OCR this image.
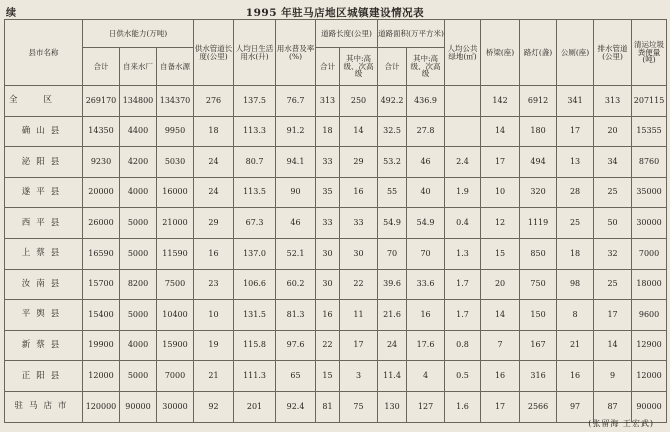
续	1995 年驻马店地区城镇建设情况表
县市名称	日供水能力(万吨)			供水管道长度(公里)	人均日生活用水(升)	用水普及率(%)	道路长度(公里)		道路面积(万平方米)		人均公共绿地(㎡)	桥梁(座)	路灯(盏)	公厕(座)	排水管道(公里)	清运垃圾粪便量(吨)
	合计	自来水厂	自备水源				合计	其中:高级、次高级	合计	其中:高级、次高级						
全区	269170	134800	134370	276	137.5	76.7	313	250	492.2	436.9		142	6912	341	313	207115
确山县	14350	4400	9950	18	113.3	91.2	18	14	32.5	27.8		14	180	17	20	15355
泌阳县	9230	4200	5030	24	80.7	94.1	33	29	53.2	46	2.4	17	494	13	34	8760
遂平县	20000	4000	16000	24	113.5	90	35	16	55	40	1.9	10	320	28	25	35000
西平县	26000	5000	21000	29	67.3	46	33	33	54.9	54.9	0.4	12	1119	25	50	30000
上蔡县	16590	5000	11590	16	137.0	52.1	30	30	70	70	1.3	15	850	18	32	7000
汝南县	15700	8200	7500	23	106.6	60.2	30	22	39.6	33.6	1.7	20	750	98	25	18000
平舆县	15400	5000	10400	10	131.5	81.3	16	11	21.6	16	1.7	14	150	8	17	9600
新蔡县	19900	4000	15900	19	115.8	97.6	22	17	24	17.6	0.8	7	167	21	14	12900
正阳县	12000	5000	7000	21	111.3	65	15	3	11.4	4	0.5	16	316	16	9	12000
驻马店市	120000	90000	30000	92	201	92.4	81	75	130	127	1.6	17	2566	97	87	90000
(张留海 王宏武)
